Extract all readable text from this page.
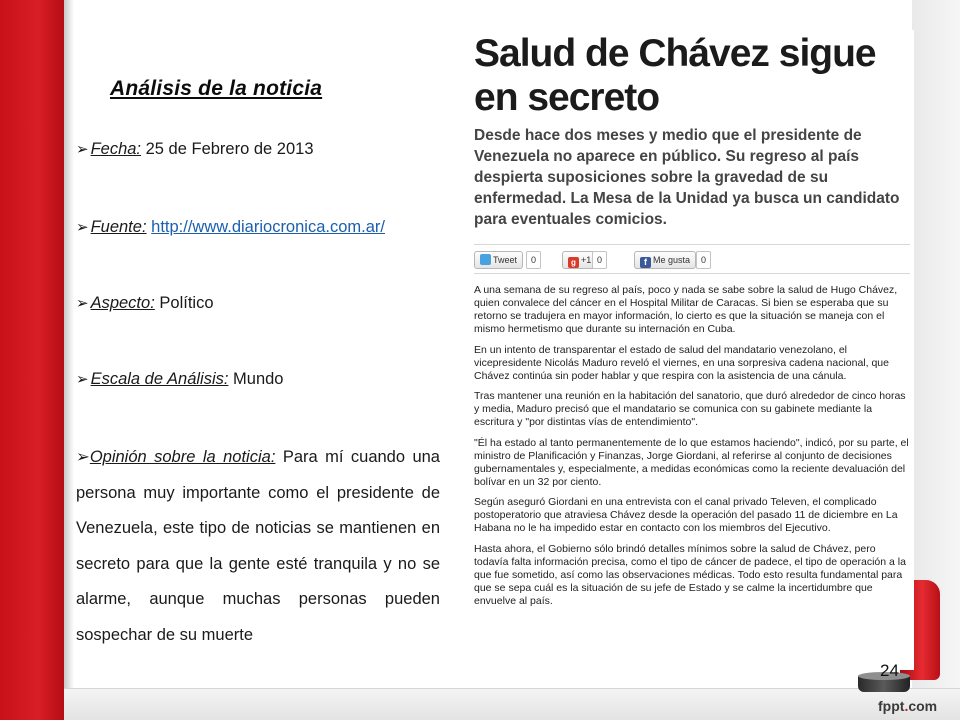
fppt.com
Análisis de la noticia
➢ Fecha: 25 de Febrero de 2013
➢ Fuente: http://www.diariocronica.com.ar/
➢ Aspecto: Político
➢ Escala de Análisis: Mundo
➢Opinión sobre la noticia: Para mí cuando una persona muy importante como el presidente de Venezuela, este tipo de noticias se mantienen en secreto para que la gente esté tranquila y no se alarme, aunque muchas personas pueden sospechar de su muerte
Salud de Chávez sigue en secreto
Desde hace dos meses y medio que el presidente de Venezuela no aparece en público. Su regreso al país despierta suposiciones sobre la gravedad de su enfermedad. La Mesa de la Unidad ya busca un candidato para eventuales comicios.
Tweet	0	g +1 0	f Me gusta	0

A una semana de su regreso al país, poco y nada se sabe sobre la salud de Hugo Chávez, quien convalece del cáncer en el Hospital Militar de Caracas. Si bien se esperaba que su retorno se tradujera en mayor información, lo cierto es que la situación se maneja con el mismo hermetismo que durante su internación en Cuba.

En un intento de transparentar el estado de salud del mandatario venezolano, el vicepresidente Nicolás Maduro reveló el viernes, en una sorpresiva cadena nacional, que Chávez continúa sin poder hablar y que respira con la asistencia de una cánula.

Tras mantener una reunión en la habitación del sanatorio, que duró alrededor de cinco horas y media, Maduro precisó que el mandatario se comunica con su gabinete mediante la escritura y "por distintas vías de entendimiento".

"Él ha estado al tanto permanentemente de lo que estamos haciendo", indicó, por su parte, el ministro de Planificación y Finanzas, Jorge Giordani, al referirse al conjunto de decisiones gubernamentales y, especialmente, a medidas económicas como la reciente devaluación del bolívar en un 32 por ciento.

Según aseguró Giordani en una entrevista con el canal privado Televen, el complicado postoperatorio que atraviesa Chávez desde la operación del pasado 11 de diciembre en La Habana no le ha impedido estar en contacto con los miembros del Ejecutivo.

Hasta ahora, el Gobierno sólo brindó detalles mínimos sobre la salud de Chávez, pero todavía falta información precisa, como el tipo de cáncer de padece, el tipo de operación a la que fue sometido, así como las observaciones médicas. Todo esto resulta fundamental para que se sepa cuál es la situación de su jefe de Estado y se calme la incertidumbre que envuelve al país.

24
